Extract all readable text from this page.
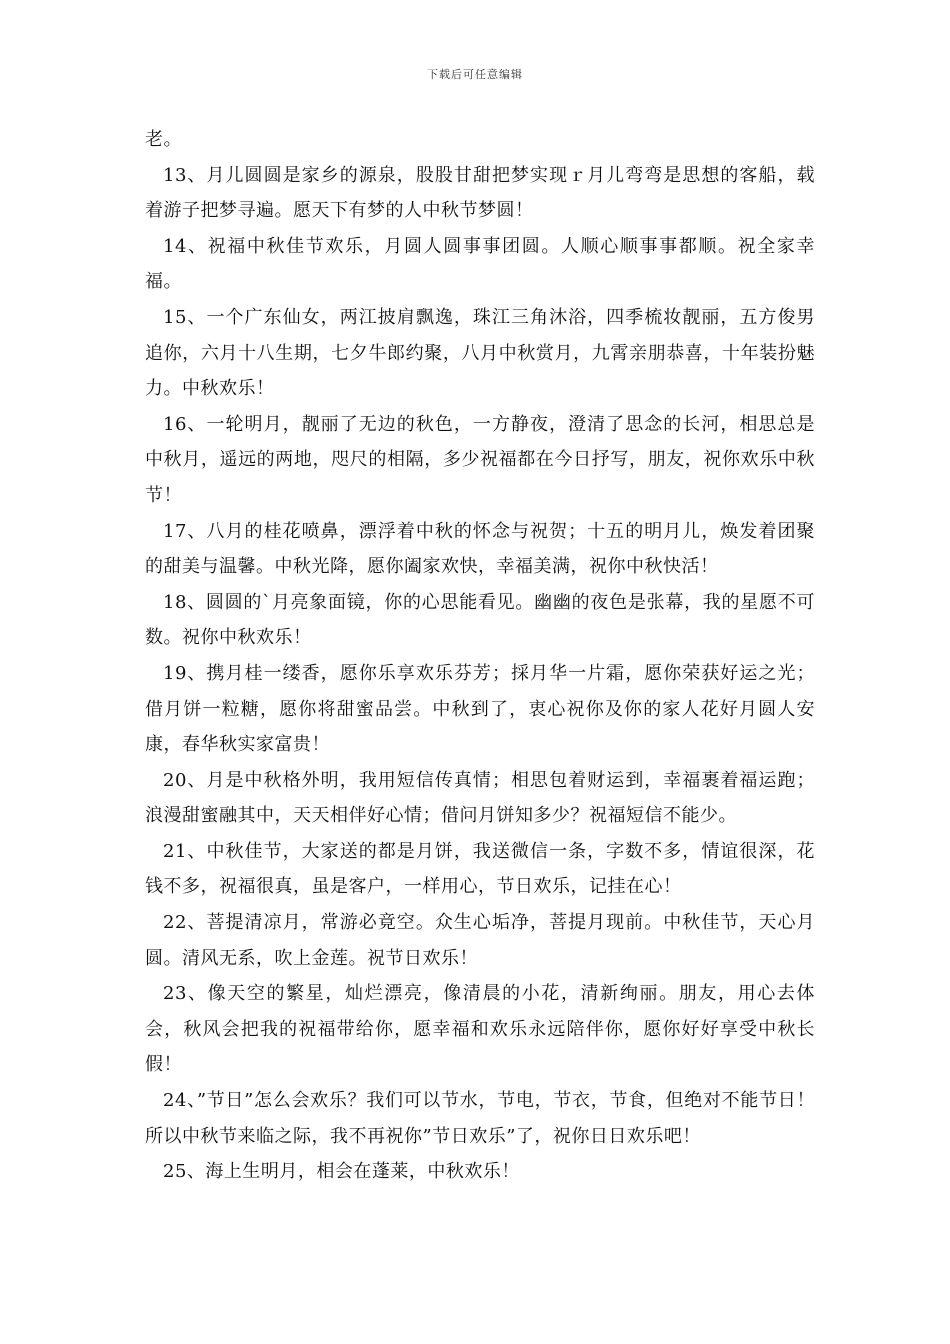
下载后可任意编辑

老。

13、月儿圆圆是家乡的源泉，股股甘甜把梦实现ｒ月儿弯弯是思想的客船，载着游子把梦寻遍。愿天下有梦的人中秋节梦圆！

14、祝福中秋佳节欢乐，月圆人圆事事团圆。人顺心顺事事都顺。祝全家幸福。

15、一个广东仙女，两江披肩飘逸，珠江三角沐浴，四季梳妆靓丽，五方俊男追你，六月十八生期，七夕牛郎约聚，八月中秋赏月，九霄亲朋恭喜，十年装扮魅力。中秋欢乐！

16、一轮明月，靓丽了无边的秋色，一方静夜，澄清了思念的长河，相思总是中秋月，遥远的两地，咫尺的相隔，多少祝福都在今日抒写，朋友，祝你欢乐中秋节！

17、八月的桂花喷鼻，漂浮着中秋的怀念与祝贺；十五的明月儿，焕发着团聚的甜美与温馨。中秋光降，愿你阖家欢快，幸福美满，祝你中秋快活！

18、圆圆的`月亮象面镜，你的心思能看见。幽幽的夜色是张幕，我的星愿不可数。祝你中秋欢乐！

19、携月桂一缕香，愿你乐享欢乐芬芳；採月华一片霜，愿你荣获好运之光；借月饼一粒糖，愿你将甜蜜品尝。中秋到了，衷心祝你及你的家人花好月圆人安康，春华秋实家富贵！

20、月是中秋格外明，我用短信传真情；相思包着财运到，幸福裹着福运跑；浪漫甜蜜融其中，天天相伴好心情；借问月饼知多少？祝福短信不能少。

21、中秋佳节，大家送的都是月饼，我送微信一条，字数不多，情谊很深，花钱不多，祝福很真，虽是客户，一样用心，节日欢乐，记挂在心！

22、菩提清凉月，常游必竟空。众生心垢净，菩提月现前。中秋佳节，天心月圆。清风无系，吹上金莲。祝节日欢乐！

23、像天空的繁星，灿烂漂亮，像清晨的小花，清新绚丽。朋友，用心去体会，秋风会把我的祝福带给你，愿幸福和欢乐永远陪伴你，愿你好好享受中秋长假！

24、”节日”怎么会欢乐？我们可以节水，节电，节衣，节食，但绝对不能节日！所以中秋节来临之际，我不再祝你”节日欢乐”了，祝你日日欢乐吧！

25、海上生明月，相会在蓬莱，中秋欢乐！
